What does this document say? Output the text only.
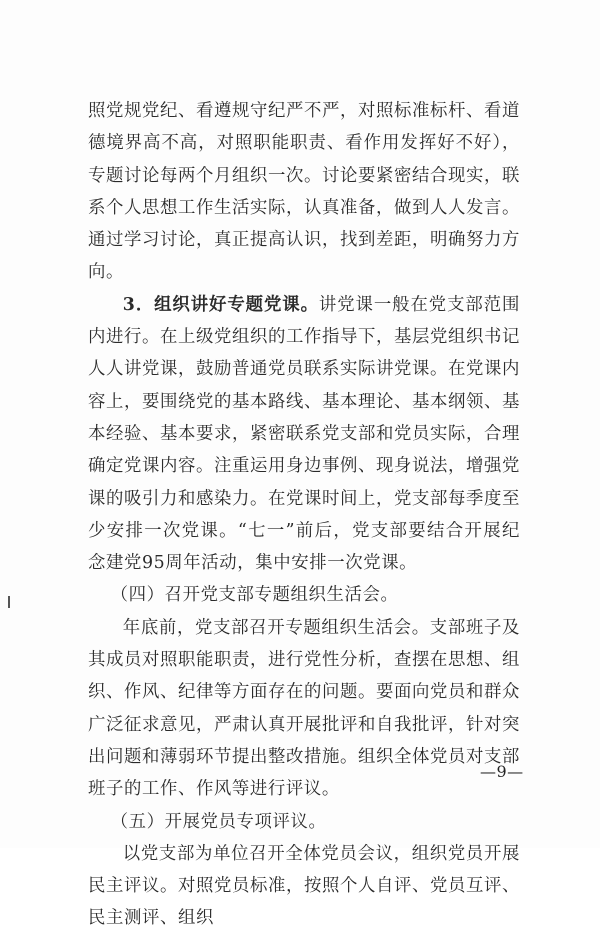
照党规党纪、看遵规守纪严不严，对照标准标杆、看道德境界高不高，对照职能职责、看作用发挥好不好），专题讨论每两个月组织一次。讨论要紧密结合现实，联系个人思想工作生活实际，认真准备，做到人人发言。通过学习讨论，真正提高认识，找到差距，明确努力方向。

3．组织讲好专题党课。讲党课一般在党支部范围内进行。在上级党组织的工作指导下，基层党组织书记人人讲党课，鼓励普通党员联系实际讲党课。在党课内容上，要围绕党的基本路线、基本理论、基本纲领、基本经验、基本要求，紧密联系党支部和党员实际，合理确定党课内容。注重运用身边事例、现身说法，增强党课的吸引力和感染力。在党课时间上，党支部每季度至少安排一次党课。“七一”前后，党支部要结合开展纪念建党95周年活动，集中安排一次党课。

（四）召开党支部专题组织生活会。

年底前，党支部召开专题组织生活会。支部班子及其成员对照职能职责，进行党性分析，查摆在思想、组织、作风、纪律等方面存在的问题。要面向党员和群众广泛征求意见，严肃认真开展批评和自我批评，针对突出问题和薄弱环节提出整改措施。组织全体党员对支部班子的工作、作风等进行评议。

（五）开展党员专项评议。

以党支部为单位召开全体党员会议，组织党员开展民主评议。对照党员标准，按照个人自评、党员互评、民主测评、组织

—9—
